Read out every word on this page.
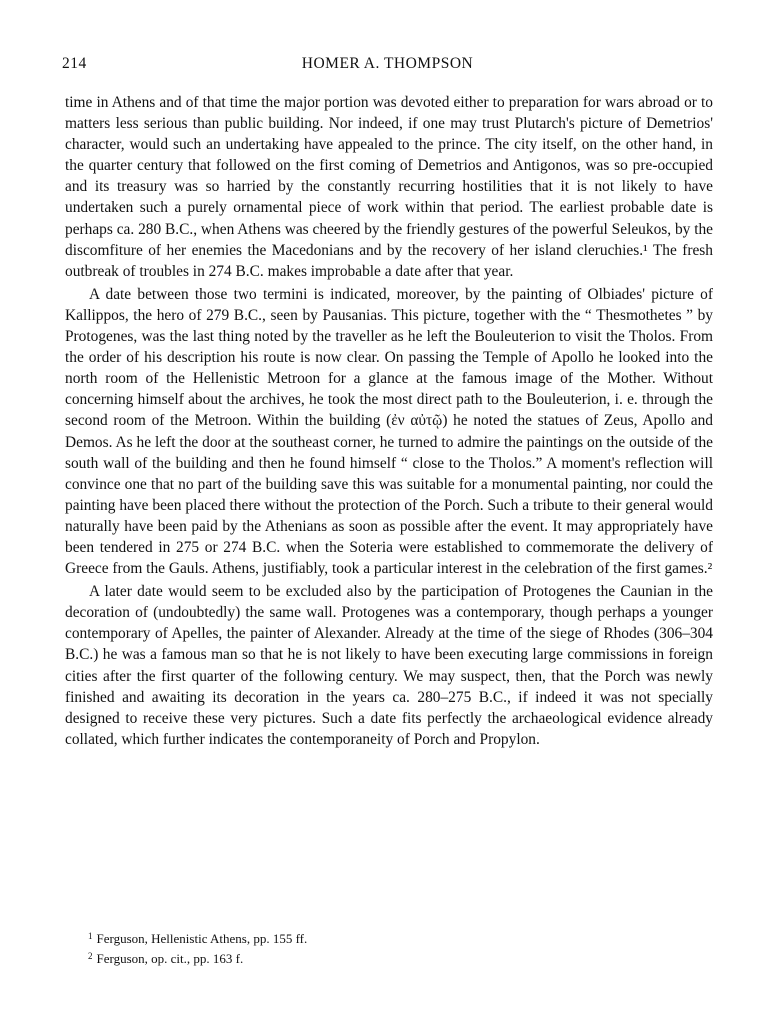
214	HOMER A. THOMPSON

time in Athens and of that time the major portion was devoted either to preparation for wars abroad or to matters less serious than public building. Nor indeed, if one may trust Plutarch's picture of Demetrios' character, would such an undertaking have appealed to the prince. The city itself, on the other hand, in the quarter century that followed on the first coming of Demetrios and Antigonos, was so pre-occupied and its treasury was so harried by the constantly recurring hostilities that it is not likely to have undertaken such a purely ornamental piece of work within that period. The earliest probable date is perhaps ca. 280 B.C., when Athens was cheered by the friendly gestures of the powerful Seleukos, by the discomfiture of her enemies the Macedonians and by the recovery of her island cleruchies.¹ The fresh outbreak of troubles in 274 B.C. makes improbable a date after that year.

A date between those two termini is indicated, moreover, by the painting of Olbiades' picture of Kallippos, the hero of 279 B.C., seen by Pausanias. This picture, together with the “ Thesmothetes ” by Protogenes, was the last thing noted by the traveller as he left the Bouleuterion to visit the Tholos. From the order of his description his route is now clear. On passing the Temple of Apollo he looked into the north room of the Hellenistic Metroon for a glance at the famous image of the Mother. Without concerning himself about the archives, he took the most direct path to the Bouleuterion, i. e. through the second room of the Metroon. Within the building (ἐν αὐτῷ) he noted the statues of Zeus, Apollo and Demos. As he left the door at the southeast corner, he turned to admire the paintings on the outside of the south wall of the building and then he found himself “ close to the Tholos.” A moment's reflection will convince one that no part of the building save this was suitable for a monumental painting, nor could the painting have been placed there without the protection of the Porch. Such a tribute to their general would naturally have been paid by the Athenians as soon as possible after the event. It may appropriately have been tendered in 275 or 274 B.C. when the Soteria were established to commemorate the delivery of Greece from the Gauls. Athens, justifiably, took a particular interest in the celebration of the first games.²

A later date would seem to be excluded also by the participation of Protogenes the Caunian in the decoration of (undoubtedly) the same wall. Protogenes was a contemporary, though perhaps a younger contemporary of Apelles, the painter of Alexander. Already at the time of the siege of Rhodes (306–304 B.C.) he was a famous man so that he is not likely to have been executing large commissions in foreign cities after the first quarter of the following century. We may suspect, then, that the Porch was newly finished and awaiting its decoration in the years ca. 280–275 B.C., if indeed it was not specially designed to receive these very pictures. Such a date fits perfectly the archaeological evidence already collated, which further indicates the contemporaneity of Porch and Propylon.

$^1$ Ferguson, Hellenistic Athens, pp. 155 ff.

$^2$ Ferguson, op. cit., pp. 163 f.
